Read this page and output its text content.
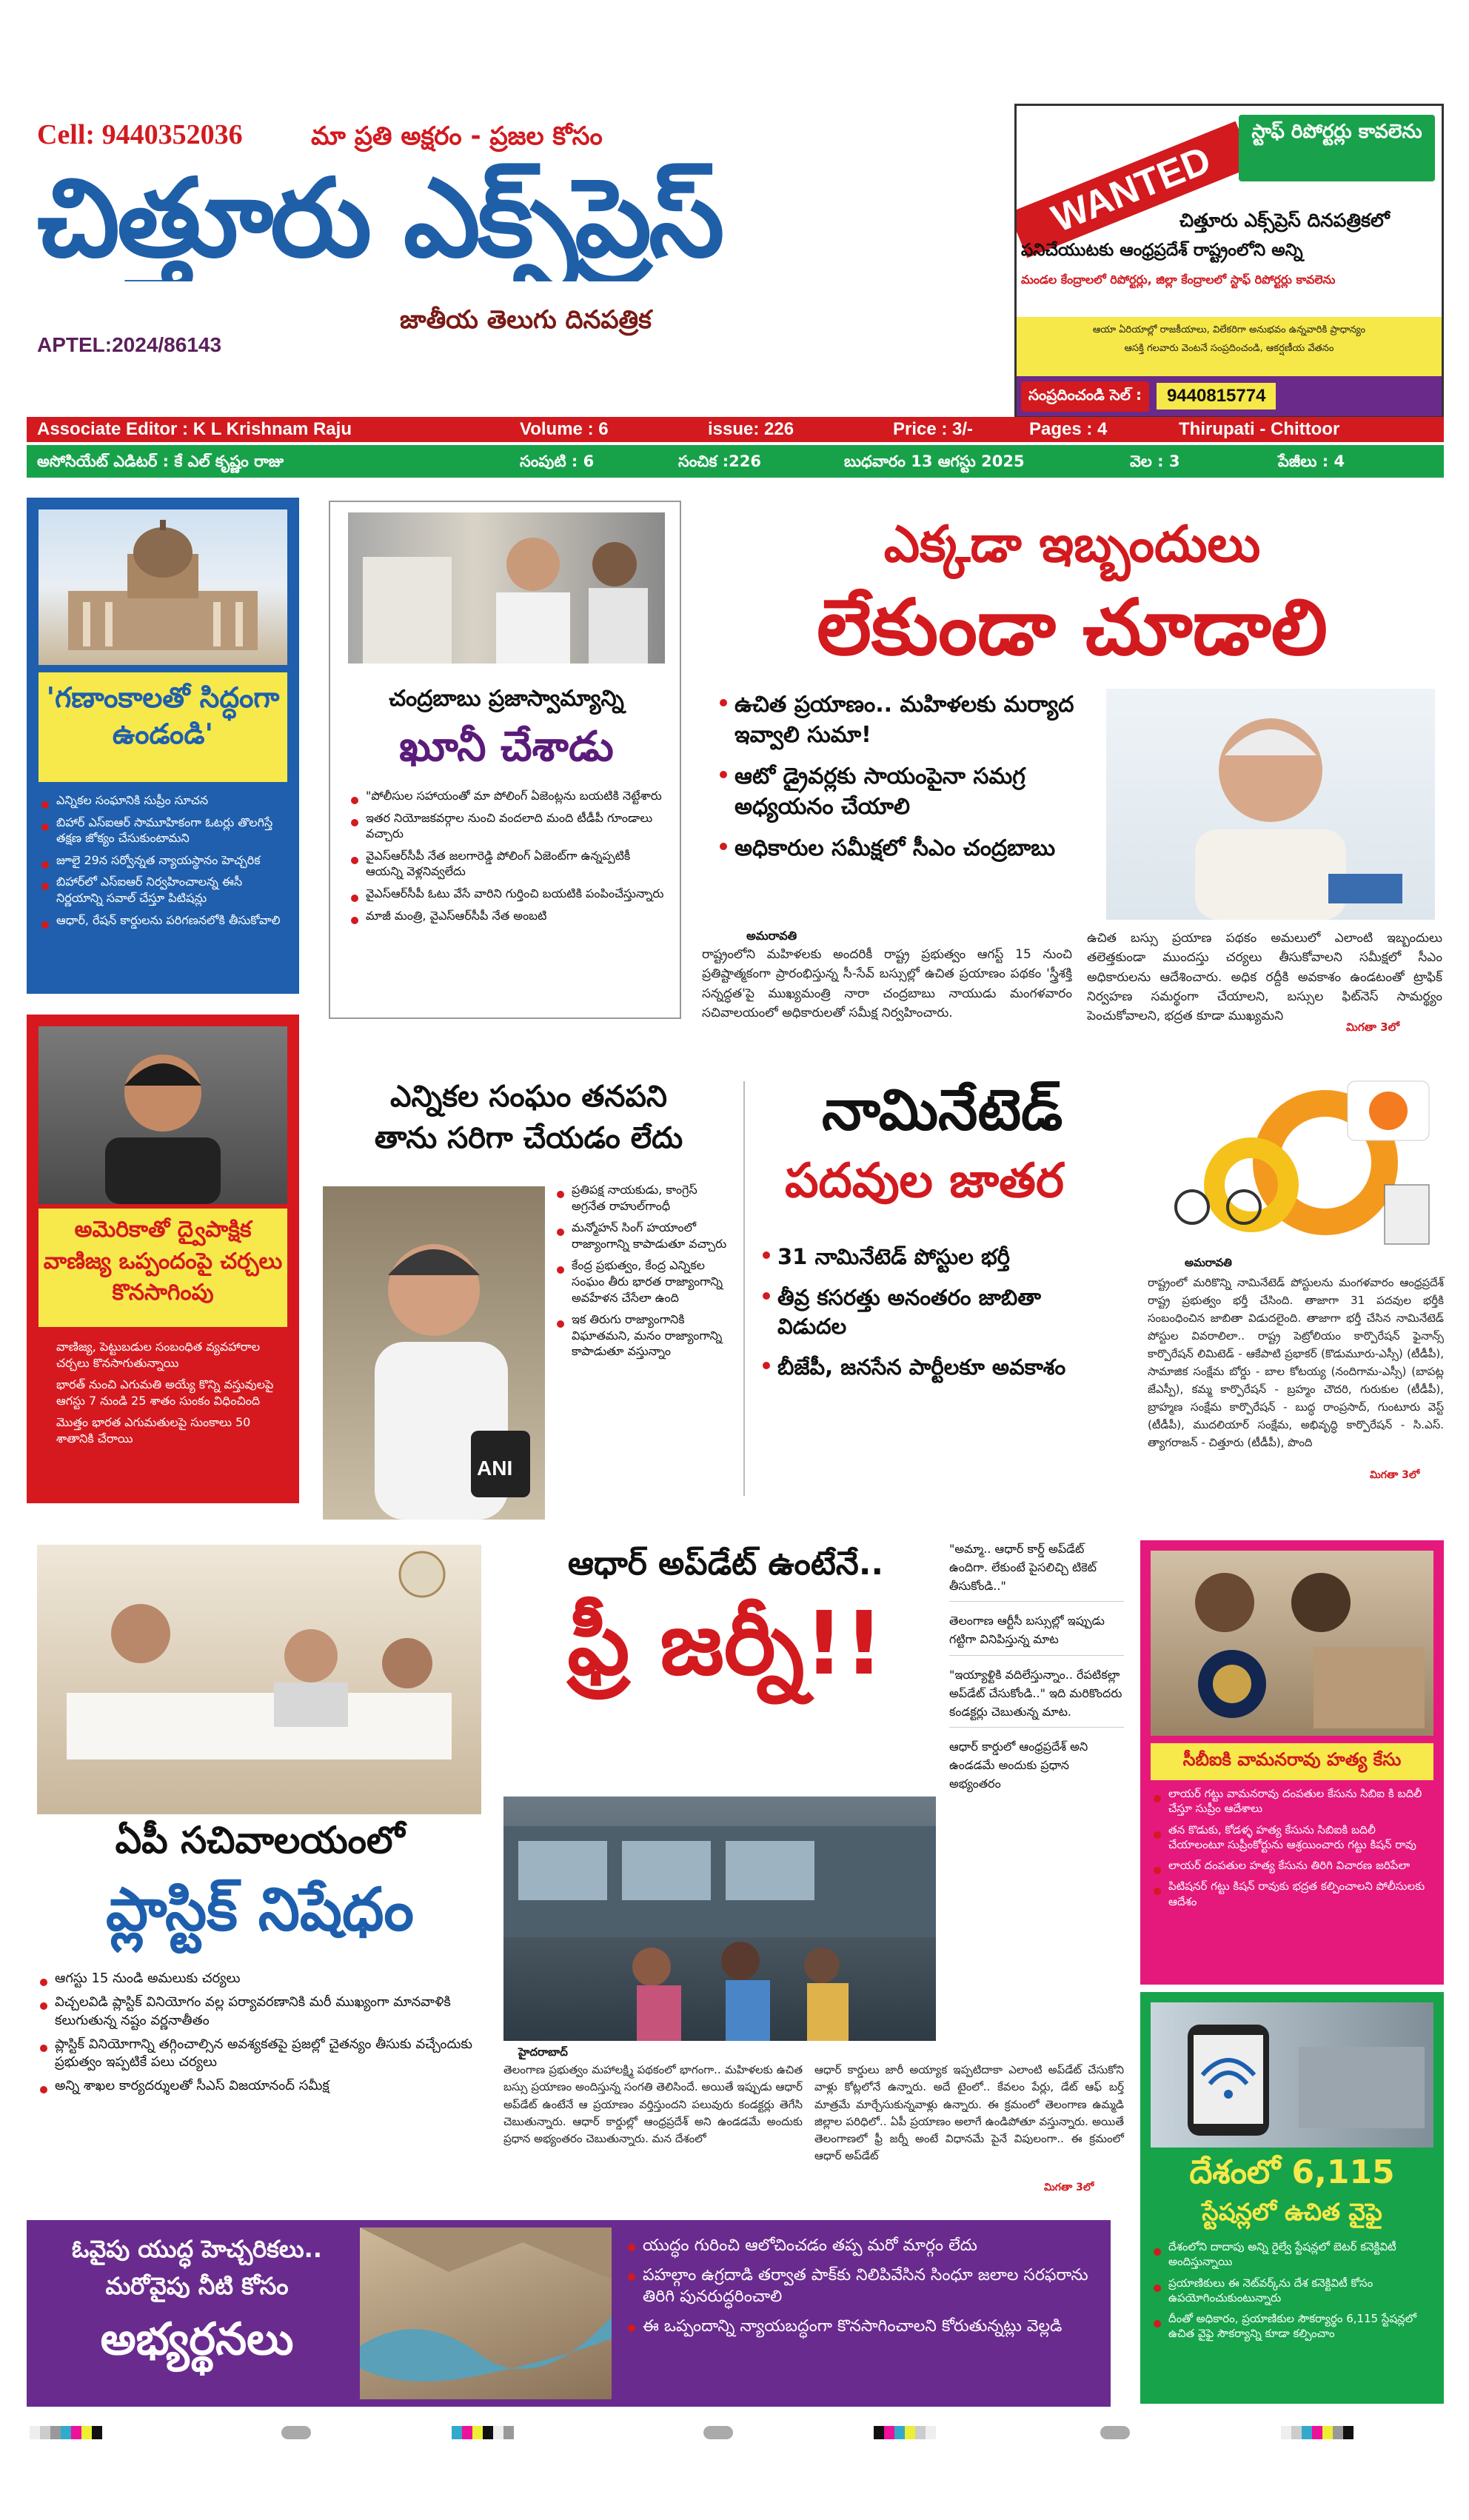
Cell: 9440352036	మా ప్రతి అక్షరం - ప్రజల కోసం
చిత్తూరు ఎక్స్‌ప్రెస్
జాతీయ తెలుగు దినపత్రిక
APTEL:2024/86143
WANTED
స్టాఫ్ రిపోర్టర్లు కావలెను
చిత్తూరు ఎక్స్‌ప్రెస్ దినపత్రికలో
పనిచేయుటకు ఆంధ్రప్రదేశ్ రాష్ట్రంలోని అన్ని
మండల కేంద్రాలలో రిపోర్టర్లు, జిల్లా కేంద్రాలలో స్టాఫ్ రిపోర్టర్లు కావలెను
ఆయా ఏరియాల్లో రాజకీయాలు, విలేకరిగా అనుభవం ఉన్నవారికి ప్రాధాన్యం
ఆసక్తి గలవారు వెంటనే సంప్రదించండి, ఆకర్షణీయ వేతనం
సంప్రదించండి సెల్ :	9440815774
Associate Editor : K L Krishnam Raju	Volume : 6	issue: 226	Price : 3/-	Pages : 4	Thirupati - Chittoor
అసోసియేట్ ఎడిటర్ : కే ఎల్ కృష్ణం రాజు	సంపుటి : 6	సంచిక :226	బుధవారం 13 ఆగస్టు 2025	వెల : 3	పేజీలు : 4
'గణాంకాలతో సిద్ధంగా ఉండండి'
ఎన్నికల సంఘానికి సుప్రీం సూచన
బిహార్ ఎస్ఐఆర్ సామూహికంగా ఓటర్లు తొలగిస్తే తక్షణ జోక్యం చేసుకుంటామని
జూలై 29న సర్వోన్నత న్యాయస్థానం హెచ్చరిక
బిహార్‌లో ఎస్ఐఆర్ నిర్వహించాలన్న ఈసీ నిర్ణయాన్ని సవాల్ చేస్తూ పిటిషన్లు
ఆధార్, రేషన్ కార్డులను పరిగణనలోకి తీసుకోవాలి
చంద్రబాబు ప్రజాస్వామ్యాన్ని
ఖూనీ చేశాడు
"పోలీసుల సహాయంతో మా పోలింగ్ ఏజెంట్లను బయటికి నెట్టేశారు
ఇతర నియోజకవర్గాల నుంచి వందలాది మంది టీడీపీ గూండాలు వచ్చారు
వైఎస్ఆర్‌సీపీ నేత జలగారెడ్డి పోలింగ్ ఏజెంట్‌గా ఉన్నప్పటికీ ఆయన్ని వెళ్లనివ్వలేదు
వైఎస్ఆర్‌సీపీ ఓటు వేసే వారిని గుర్తించి బయటికి పంపించేస్తున్నారు
మాజీ మంత్రి, వైఎస్ఆర్‌సీపీ నేత అంబటి
ఎక్కడా ఇబ్బందులు
లేకుండా చూడాలి
ఉచిత ప్రయాణం.. మహిళలకు మర్యాద ఇవ్వాలి సుమా!
ఆటో డ్రైవర్లకు సాయంపైనా సమగ్ర అధ్యయనం చేయాలి
అధికారుల సమీక్షలో సీఎం చంద్రబాబు
అమరావతి
రాష్ట్రంలోని మహిళలకు అందరికీ రాష్ట్ర ప్రభుత్వం ఆగస్ట్ 15 నుంచి ప్రతిష్టాత్మకంగా ప్రారంభిస్తున్న సీ-సేవ్ బస్సుల్లో ఉచిత ప్రయాణం పథకం 'స్త్రీశక్తి సన్నద్ధత'పై ముఖ్యమంత్రి నారా చంద్రబాబు నాయుడు మంగళవారం సచివాలయంలో అధికారులతో సమీక్ష నిర్వహించారు.
ఉచిత బస్సు ప్రయాణ పథకం అమలులో ఎలాంటి ఇబ్బందులు తలెత్తకుండా ముందస్తు చర్యలు తీసుకోవాలని సమీక్షలో సీఎం అధికారులను ఆదేశించారు. అధిక రద్దీకి అవకాశం ఉండటంతో ట్రాఫిక్ నిర్వహణ సమర్థంగా చేయాలని, బస్సుల ఫిట్‌నెస్ సామర్థ్యం పెంచుకోవాలని, భద్రత కూడా ముఖ్యమని
మిగతా 3లో
అమెరికాతో ద్వైపాక్షిక వాణిజ్య ఒప్పందంపై చర్చలు కొనసాగింపు
వాణిజ్య, పెట్టుబడుల సంబంధిత వ్యవహారాల చర్చలు కొనసాగుతున్నాయి
భారత్ నుంచి ఎగుమతి అయ్యే కొన్ని వస్తువులపై ఆగస్టు 7 నుండి 25 శాతం సుంకం విధించింది
మొత్తం భారత ఎగుమతులపై సుంకాలు 50 శాతానికి చేరాయి
ఎన్నికల సంఘం తనపని
తాను సరిగా చేయడం లేదు
ANI
ప్రతిపక్ష నాయకుడు, కాంగ్రెస్ అగ్రనేత రాహుల్‌గాంధీ
మన్మోహన్ సింగ్ హయాంలో రాజ్యాంగాన్ని కాపాడుతూ వచ్చారు
కేంద్ర ప్రభుత్వం, కేంద్ర ఎన్నికల సంఘం తీరు భారత రాజ్యాంగాన్ని అవహేళన చేసేలా ఉంది
ఇక తిరుగు రాజ్యాంగానికి విఘాతమని, మనం రాజ్యాంగాన్ని కాపాడుతూ వస్తున్నాం
నామినేటెడ్
పదవుల జాతర
31 నామినేటెడ్ పోస్టుల భర్తీ
తీవ్ర కసరత్తు అనంతరం జాబితా విడుదల
బీజేపీ, జనసేన పార్టీలకూ అవకాశం
అమరావతి
రాష్ట్రంలో మరికొన్ని నామినేటెడ్ పోస్టులను మంగళవారం ఆంధ్రప్రదేశ్ రాష్ట్ర ప్రభుత్వం భర్తీ చేసింది. తాజాగా 31 పదవుల భర్తీకి సంబంధించిన జాబితా విడుదలైంది. తాజాగా భర్తీ చేసిన నామినేటెడ్ పోస్టుల వివరాలిలా.. రాష్ట్ర పెట్రోలియం కార్పొరేషన్ ఫైనాన్స్ కార్పొరేషన్ లిమిటెడ్ - ఆకేపాటి ప్రభాకర్ (కొడుమూరు-ఎస్సీ) (టీడీపీ), సామాజిక సంక్షేమ బోర్డు - బాల కోటయ్య (నందిగామ-ఎస్సీ) (బాపట్ల జేఎస్పీ), కమ్మ కార్పొరేషన్ - బ్రహ్మం చౌదరి, గురుకుల (టీడీపీ), బ్రాహ్మణ సంక్షేమ కార్పొరేషన్ - బుద్ధ రాంప్రసాద్, గుంటూరు వెస్ట్ (టీడీపీ), ముదలియార్ సంక్షేమ, అభివృద్ధి కార్పొరేషన్ - సి.ఎస్. త్యాగరాజన్ - చిత్తూరు (టీడీపీ), పొంది
మిగతా 3లో
ఏపీ సచివాలయంలో
ప్లాస్టిక్ నిషేధం
ఆగస్టు 15 నుండి అమలుకు చర్యలు
విచ్చలవిడి ప్లాస్టిక్ వినియోగం వల్ల పర్యావరణానికి మరీ ముఖ్యంగా మానవాళికి కలుగుతున్న నష్టం వర్ణనాతీతం
ప్లాస్టిక్ వినియోగాన్ని తగ్గించాల్సిన అవశ్యకతపై ప్రజల్లో చైతన్యం తీసుకు వచ్చేందుకు ప్రభుత్వం ఇప్పటికే పలు చర్యలు
అన్ని శాఖల కార్యదర్శులతో సీఎస్ విజయానంద్ సమీక్ష
ఆధార్ అప్‌డేట్ ఉంటేనే..
ఫ్రీ జర్నీ!!

"అమ్మా.. ఆధార్ కార్డ్ అప్‌డేట్ ఉందిగా. లేకుంటే పైసలిచ్చి టికెట్ తీసుకోండి.."

తెలంగాణ ఆర్టీసీ బస్సుల్లో ఇప్పుడు గట్టిగా వినిపిస్తున్న మాట

"ఇయ్యాళ్టికి వదిలేస్తున్నాం.. రేపటికల్లా అప్‌డేట్ చేసుకోండి.." ఇది మరికొందరు కండక్టర్లు చెబుతున్న మాట.

ఆధార్ కార్డులో ఆంధ్రప్రదేశ్ అని ఉండడమే అందుకు ప్రధాన అభ్యంతరం

హైదరాబాద్
తెలంగాణ ప్రభుత్వం మహాలక్ష్మి పథకంలో భాగంగా.. మహిళలకు ఉచిత బస్సు ప్రయాణం అందిస్తున్న సంగతి తెలిసిందే. అయితే ఇప్పుడు ఆధార్ అప్‌డేట్ ఉంటేనే ఆ ప్రయాణం వర్తిస్తుందని పలువురు కండక్టర్లు తెగేసి చెబుతున్నారు. ఆధార్ కార్డుల్లో ఆంధ్రప్రదేశ్ అని ఉండడమే అందుకు ప్రధాన అభ్యంతరం చెబుతున్నారు. మన దేశంలో
ఆధార్ కార్డులు జారీ అయ్యాక ఇప్పటిదాకా ఎలాంటి అప్‌డేట్ చేసుకోని వాళ్లు కోట్లలోనే ఉన్నారు. అదే టైంలో.. కేవలం పేర్లు, డేట్ ఆఫ్ బర్త్ మాత్రమే మార్చేసుకున్నవాళ్లు ఉన్నారు. ఈ క్రమంలో తెలంగాణ ఉమ్మడి జిల్లాల పరిధిలో.. ఏపీ ప్రయాణం అలాగే ఉండిపోతూ వస్తున్నారు. అయితే తెలంగాణలో ఫ్రీ జర్నీ అంటే విధానమే పైనే విపులంగా.. ఈ క్రమంలో ఆధార్ అప్‌డేట్
మిగతా 3లో
సీబీఐకి వామనరావు హత్య కేసు
లాయర్ గట్టు వామనరావు దంపతుల కేసును సిబిఐ కి బదిలీ చేస్తూ సుప్రీం ఆదేశాలు
తన కొడుకు, కోడళ్ళ హత్య కేసును సిబిఐకి బదిలీ చేయాలంటూ సుప్రీంకోర్టును ఆశ్రయించారు గట్టు కిషన్ రావు
లాయర్ దంపతుల హత్య కేసును తిరిగి విచారణ జరిపేలా
పిటిషనర్ గట్టు కిషన్ రావుకు భద్రత కల్పించాలని పోలీసులకు ఆదేశం
దేశంలో 6,115
స్టేషన్లలో ఉచిత వైఫై
దేశంలోని దాదాపు అన్ని రైల్వే స్టేషన్లలో బెటర్ కనెక్టివిటీ అందిస్తున్నాయి
ప్రయాణికులు ఈ నెట్‌వర్క్‌ను దేశ కనెక్టివిటీ కోసం ఉపయోగించుకుంటున్నారు
దీంతో అధికారం, ప్రయాణికుల సౌకర్యార్థం 6,115 స్టేషన్లలో ఉచిత వైఫై సౌకర్యాన్ని కూడా కల్పించాం
ఓవైపు యుద్ధ హెచ్చరికలు..
మరోవైపు నీటి కోసం
అభ్యర్థనలు
యుద్ధం గురించి ఆలోచించడం తప్ప మరో మార్గం లేదు
పహల్గాం ఉగ్రదాడి తర్వాత పాక్‌కు నిలిపివేసిన సింధూ జలాల సరఫరాను తిరిగి పునరుద్ధరించాలి
ఈ ఒప్పందాన్ని న్యాయబద్ధంగా కొనసాగించాలని కోరుతున్నట్లు వెల్లడి
